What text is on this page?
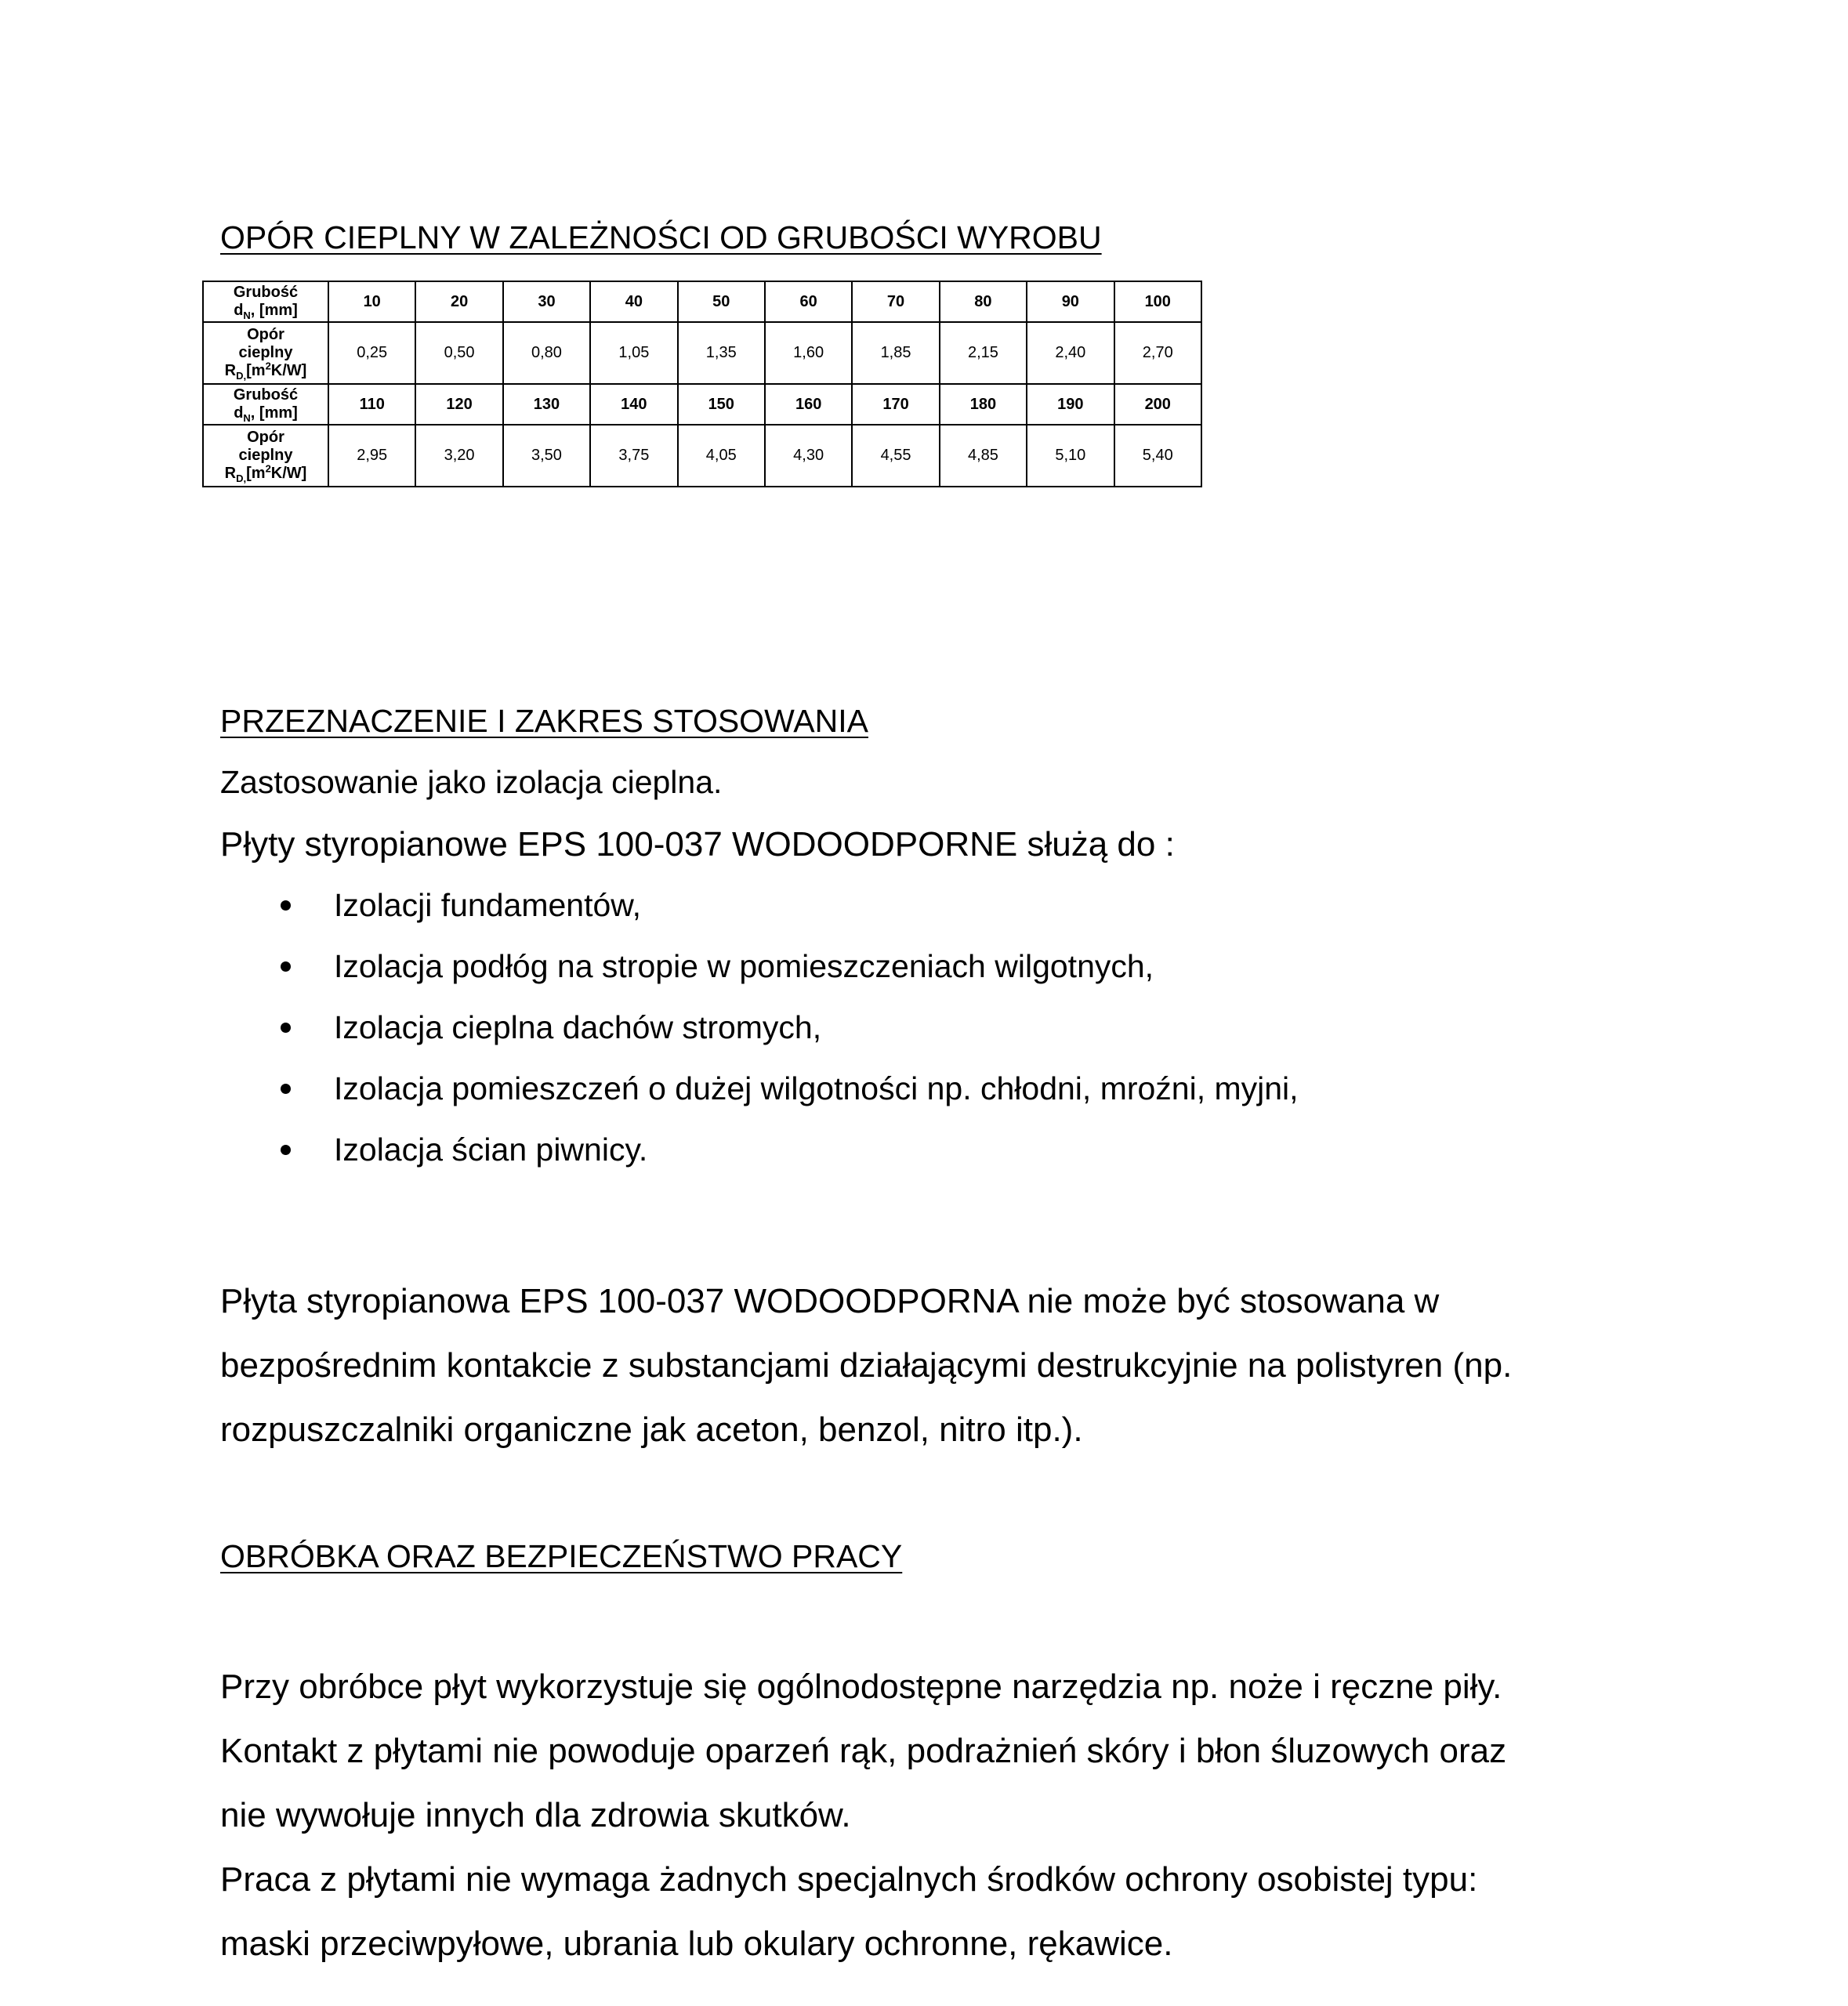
OPÓR CIEPLNY W ZALEŻNOŚCI OD GRUBOŚCI WYROBU
Grubość
$d_N$, [mm]	10	20	30	40	50	60	70	80	90	100

Opór
cieplny
$R_{D,}[m^2K/W]$	0,25	0,50	0,80	1,05	1,35	1,60	1,85	2,15	2,40	2,70

Grubość
$d_N$, [mm]	110	120	130	140	150	160	170	180	190	200

Opór
cieplny
$R_{D,}[m^2K/W]$	2,95	3,20	3,50	3,75	4,05	4,30	4,55	4,85	5,10	5,40
PRZEZNACZENIE I ZAKRES STOSOWANIA
Zastosowanie jako izolacja cieplna.
Płyty styropianowe EPS 100-037 WODOODPORNE służą do :
Izolacji fundamentów,
Izolacja podłóg na stropie w pomieszczeniach wilgotnych,
Izolacja cieplna dachów stromych,
Izolacja pomieszczeń o dużej wilgotności np. chłodni, mroźni, myjni,
Izolacja ścian piwnicy.
Płyta styropianowa EPS 100-037 WODOODPORNA nie może być stosowana w
bezpośrednim kontakcie z substancjami działającymi destrukcyjnie na polistyren (np.
rozpuszczalniki organiczne jak aceton, benzol, nitro itp.).
OBRÓBKA ORAZ BEZPIECZEŃSTWO PRACY
Przy obróbce płyt wykorzystuje się ogólnodostępne narzędzia np. noże i ręczne piły.
Kontakt z płytami nie powoduje oparzeń rąk, podrażnień skóry i błon śluzowych oraz
nie wywołuje innych dla zdrowia skutków.
Praca z płytami nie wymaga żadnych specjalnych środków ochrony osobistej typu:
maski przeciwpyłowe, ubrania lub okulary ochronne, rękawice.
